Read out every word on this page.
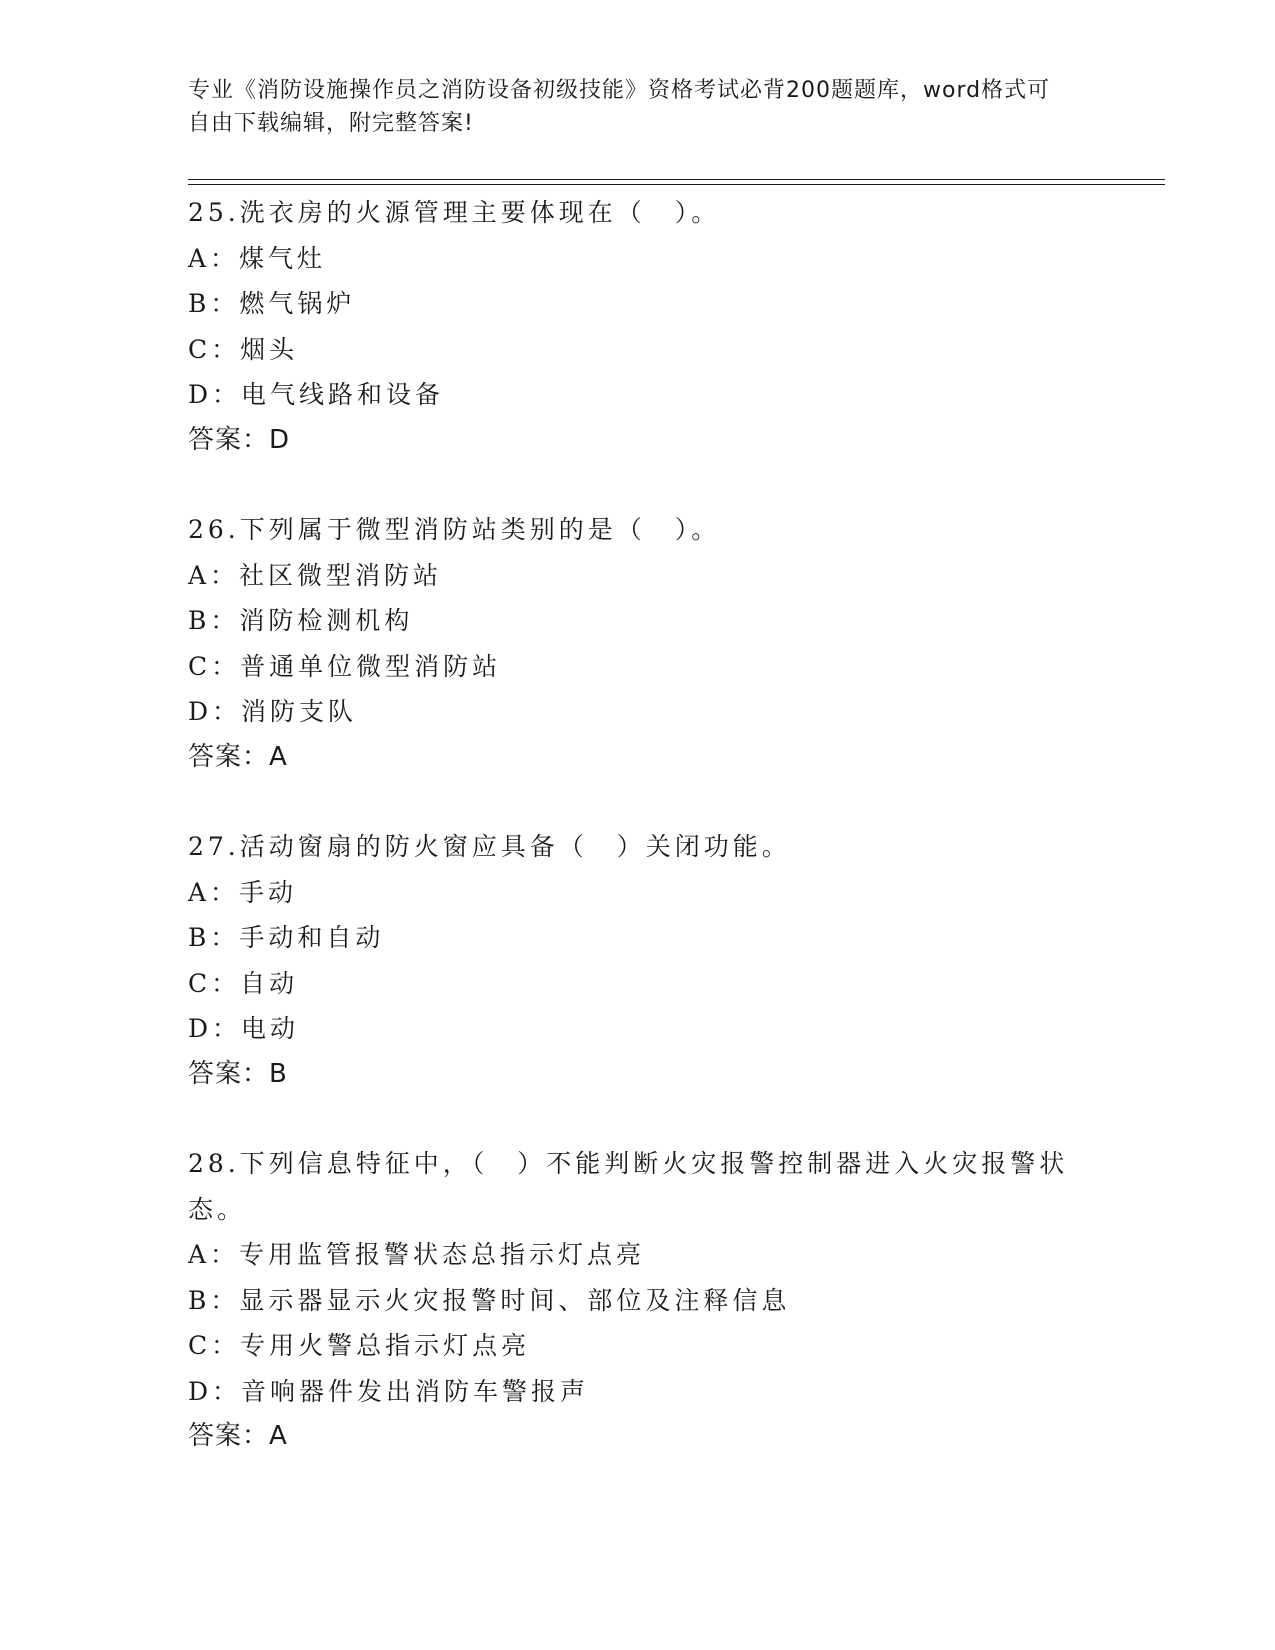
专业《消防设施操作员之消防设备初级技能》资格考试必背200题题库，word格式可自由下载编辑，附完整答案!
25.洗衣房的火源管理主要体现在（　）。
A：煤气灶
B：燃气锅炉
C：烟头
D：电气线路和设备
答案：D
26.下列属于微型消防站类别的是（　）。
A：社区微型消防站
B：消防检测机构
C：普通单位微型消防站
D：消防支队
答案：A
27.活动窗扇的防火窗应具备（　）关闭功能。
A：手动
B：手动和自动
C：自动
D：电动
答案：B
28.下列信息特征中，（　）不能判断火灾报警控制器进入火灾报警状态。
A：专用监管报警状态总指示灯点亮
B：显示器显示火灾报警时间、部位及注释信息
C：专用火警总指示灯点亮
D：音响器件发出消防车警报声
答案：A
